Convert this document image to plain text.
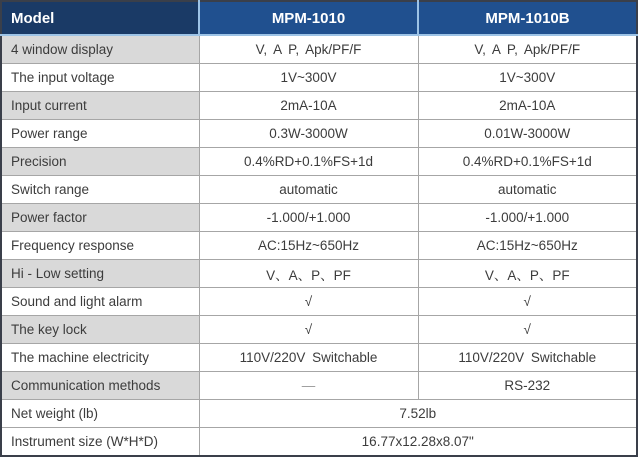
Model	MPM-1010	MPM-1010B
4 window display	V, A P, Apk/PF/F	V, A P, Apk/PF/F
The input voltage	1V~300V	1V~300V
Input current	2mA-10A	2mA-10A
Power range	0.3W-3000W	0.01W-3000W
Precision	0.4%RD+0.1%FS+1d	0.4%RD+0.1%FS+1d
Switch range	automatic	automatic
Power factor	-1.000/+1.000	-1.000/+1.000
Frequency response	AC:15Hz~650Hz	AC:15Hz~650Hz
Hi - Low setting	V、A、P、PF	V、A、P、PF
Sound and light alarm	√	√
The key lock	√	√
The machine electricity	110V/220V Switchable	110V/220V Switchable
Communication methods	—	RS-232
Net weight (lb)	7.52lb	
Instrument size (W*H*D)	16.77x12.28x8.07"	
